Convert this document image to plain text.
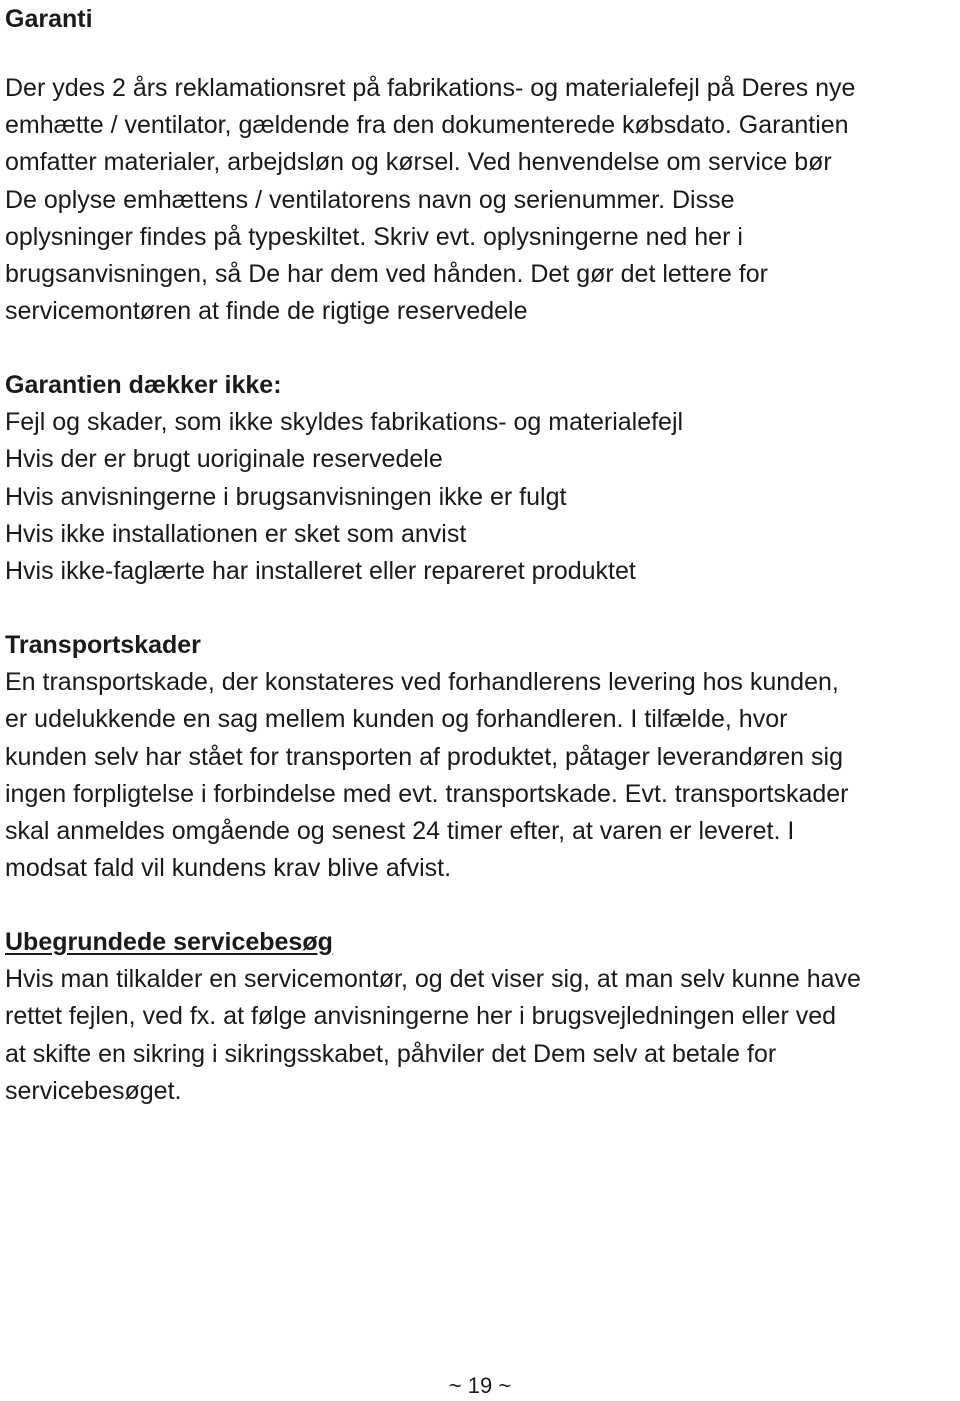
Garanti

Der ydes 2 års reklamationsret på fabrikations- og materialefejl på Deres nye
emhætte / ventilator, gældende fra den dokumenterede købsdato. Garantien
omfatter materialer, arbejdsløn og kørsel. Ved henvendelse om service bør
De oplyse emhættens / ventilatorens navn og serienummer. Disse
oplysninger findes på typeskiltet. Skriv evt. oplysningerne ned her i
brugsanvisningen, så De har dem ved hånden. Det gør det lettere for
servicemontøren at finde de rigtige reservedele

Garantien dækker ikke:

Fejl og skader, som ikke skyldes fabrikations- og materialefejl
Hvis der er brugt uoriginale reservedele
Hvis anvisningerne i brugsanvisningen ikke er fulgt
Hvis ikke installationen er sket som anvist
Hvis ikke-faglærte har installeret eller repareret produktet

Transportskader

En transportskade, der konstateres ved forhandlerens levering hos kunden,
er udelukkende en sag mellem kunden og forhandleren. I tilfælde, hvor
kunden selv har stået for transporten af produktet, påtager leverandøren sig
ingen forpligtelse i forbindelse med evt. transportskade. Evt. transportskader
skal anmeldes omgående og senest 24 timer efter, at varen er leveret. I
modsat fald vil kundens krav blive afvist.

Ubegrundede servicebesøg

Hvis man tilkalder en servicemontør, og det viser sig, at man selv kunne have
rettet fejlen, ved fx. at følge anvisningerne her i brugsvejledningen eller ved
at skifte en sikring i sikringsskabet, påhviler det Dem selv at betale for
servicebesøget.
~ 19 ~
